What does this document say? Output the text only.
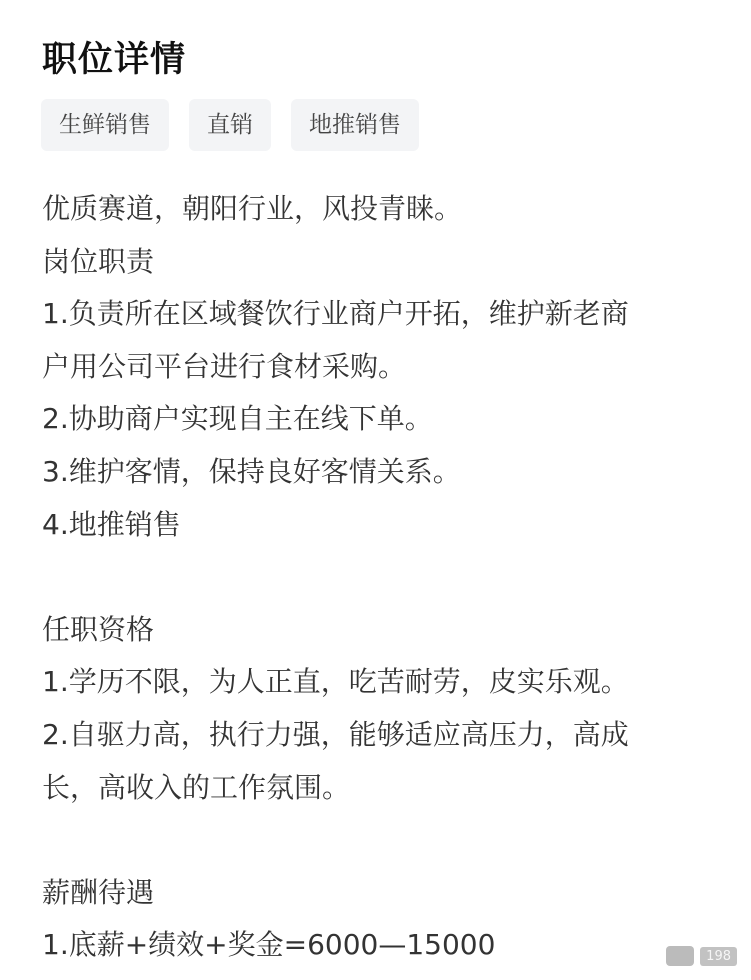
职位详情
生鲜销售	直销	地推销售
优质赛道，朝阳行业，风投青睐。
岗位职责
1.负责所在区域餐饮行业商户开拓，维护新老商
户用公司平台进行食材采购。
2.协助商户实现自主在线下单。
3.维护客情，保持良好客情关系。
4.地推销售
任职资格
1.学历不限，为人正直，吃苦耐劳，皮实乐观。
2.自驱力高，执行力强，能够适应高压力，高成
长，高收入的工作氛围。
薪酬待遇
1.底薪+绩效+奖金=6000—15000	198
